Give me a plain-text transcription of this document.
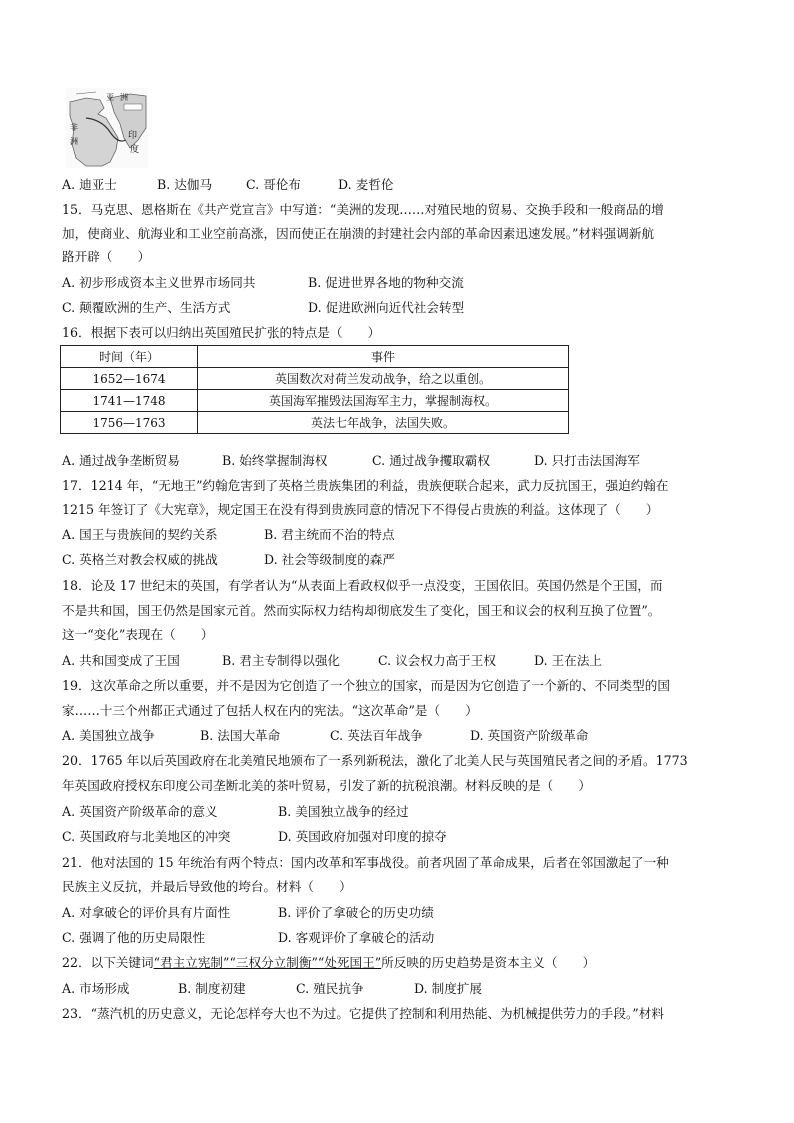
亚 洲
非
洲
印
度
A. 迪亚士	B. 达伽马	C. 哥伦布	D. 麦哲伦
15．马克思、恩格斯在《共产党宣言》中写道：“美洲的发现……对殖民地的贸易、交换手段和一般商品的增
加，使商业、航海业和工业空前高涨，因而使正在崩溃的封建社会内部的革命因素迅速发展。”材料强调新航
路开辟（　　）
A. 初步形成资本主义世界市场同共	B. 促进世界各地的物种交流
C. 颠覆欧洲的生产、生活方式	D. 促进欧洲向近代社会转型
16．根据下表可以归纳出英国殖民扩张的特点是（　　）
时间（年）	事件
1652—1674	英国数次对荷兰发动战争，给之以重创。
1741—1748	英国海军摧毁法国海军主力，掌握制海权。
1756—1763	英法七年战争，法国失败。
A. 通过战争垄断贸易	B. 始终掌握制海权	C. 通过战争攫取霸权	D. 只打击法国海军
17．1214 年，“无地王”约翰危害到了英格兰贵族集团的利益，贵族便联合起来，武力反抗国王，强迫约翰在
1215 年签订了《大宪章》，规定国王在没有得到贵族同意的情况下不得侵占贵族的利益。这体现了（　　）
A. 国王与贵族间的契约关系	B. 君主统而不治的特点
C. 英格兰对教会权威的挑战	D. 社会等级制度的森严
18．论及 17 世纪末的英国，有学者认为“从表面上看政权似乎一点没变，王国依旧。英国仍然是个王国，而
不是共和国，国王仍然是国家元首。然而实际权力结构却彻底发生了变化，国王和议会的权利互换了位置”。
这一“变化”表现在（　　）
A. 共和国变成了王国	B. 君主专制得以强化	C. 议会权力高于王权	D. 王在法上
19．这次革命之所以重要，并不是因为它创造了一个独立的国家，而是因为它创造了一个新的、不同类型的国
家……十三个州都正式通过了包括人权在内的宪法。“这次革命”是（　　）
A. 美国独立战争	B. 法国大革命	C. 英法百年战争	D. 英国资产阶级革命
20．1765 年以后英国政府在北美殖民地颁布了一系列新税法，激化了北美人民与英国殖民者之间的矛盾。1773
年英国政府授权东印度公司垄断北美的茶叶贸易，引发了新的抗税浪潮。材料反映的是（　　）
A. 英国资产阶级革命的意义	B. 美国独立战争的经过
C. 英国政府与北美地区的冲突	D. 英国政府加强对印度的掠夺
21．他对法国的 15 年统治有两个特点：国内改革和军事战役。前者巩固了革命成果，后者在邻国激起了一种
民族主义反抗，并最后导致他的垮台。材料（　　）
A. 对拿破仑的评价具有片面性	B. 评价了拿破仑的历史功绩
C. 强调了他的历史局限性	D. 客观评价了拿破仑的活动
22．以下关键词“君主立宪制”“三权分立制衡”“处死国王”所反映的历史趋势是资本主义（　　）
A. 市场形成	B. 制度初建	C. 殖民抗争	D. 制度扩展
23．“蒸汽机的历史意义，无论怎样夸大也不为过。它提供了控制和利用热能、为机械提供劳力的手段。”材料
